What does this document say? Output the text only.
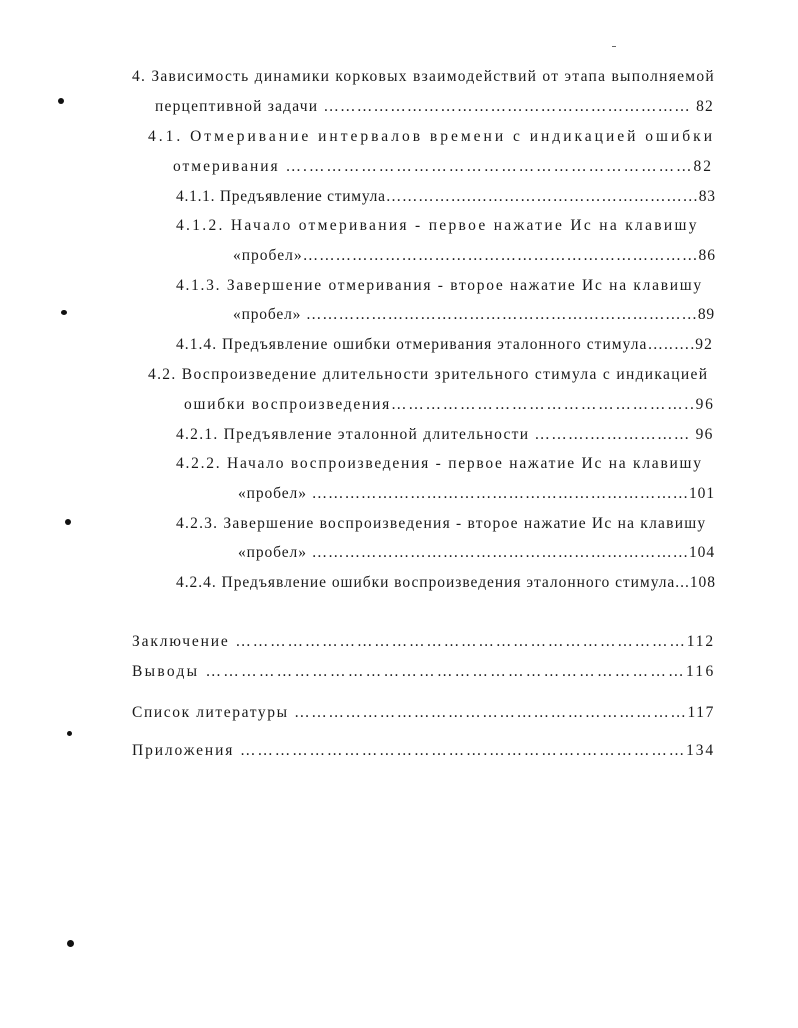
4. Зависимость динамики корковых взаимодействий от этапа выполняемой
перцептивной задачи ………………………………………………………… 82
4.1. Отмеривание интервалов времени с индикацией ошибки
отмеривания ….…………………………………………………………82
4.1.1. Предъявление стимула…………….……………………………………83
4.1.2. Начало отмеривания - первое нажатие Ис на клавишу
«пробел»………………………………………………………………86
4.1.3. Завершение отмеривания - второе нажатие Ис на клавишу
«пробел» ………………………………………………………………89
4.1.4. Предъявление ошибки отмеривания эталонного стимула…..….92
4.2. Воспроизведение длительности зрительного стимула с индикацией
ошибки воспроизведения……………………………………………..96
4.2.1. Предъявление эталонной длительности ……….……………… 96
4.2.2. Начало воспроизведения - первое нажатие Ис на клавишу
«пробел» ……………………………………………………………101
4.2.3. Завершение воспроизведения - второе нажатие Ис на клавишу
«пробел» ……………………………………………………………104
4.2.4. Предъявление ошибки воспроизведения эталонного стимула...108
Заключение ……………………………………………………………………112
Выводы ………………………………………………………………………116
Список литературы ……………………………………………………………117
Приложения …………………………………….…………….………………134
